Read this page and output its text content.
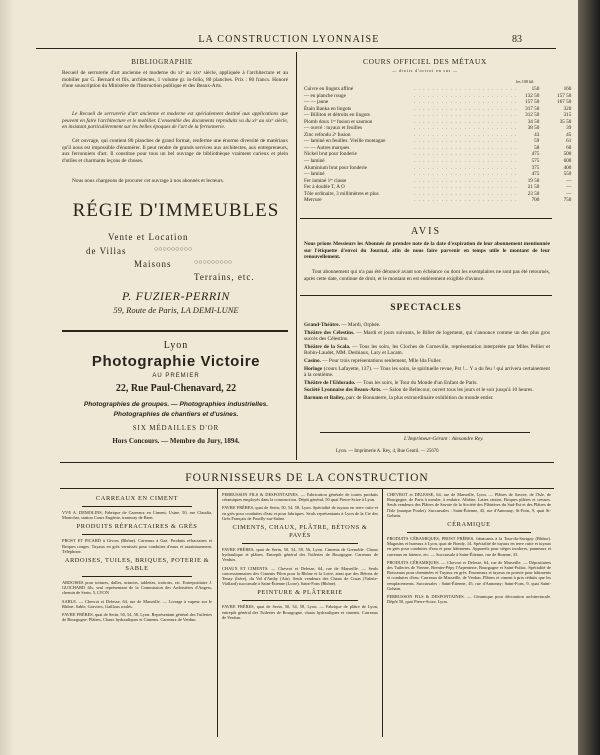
LA CONSTRUCTION LYONNAISE	83
BIBLIOGRAPHIE
Recueil de serrurerie d'art ancienne et moderne du xiᵉ au xixᵉ siècle, appliquée à l'architecture et au mobilier par G. Bernard et fils, architectes, 1 volume gr. in-folio, 80 planches. Prix : 80 francs. Honoré d'une souscription du Ministère de l'Instruction publique et des Beaux-Arts.
Le Recueil de serrurerie d'art ancienne et moderne est spécialement destiné aux applications que peuvent en faire l'architecture et le mobilier. L'ensemble des documents reproduits va du xiᵉ au xixᵉ siècle, en insistant particulièrement sur les belles époques de l'art de la ferronnerie.
Cet ouvrage, qui contient 80 planches de grand format, renferme une énorme diversité de matériaux qu'il nous est impossible d'énumérer. Il peut rendre de grands services aux architectes, aux entrepreneurs, aux ferronniers d'art. Il constitue pour tous un bel ouvrage de bibliothèque vraiment curieux et plein d'utiles et charmants leçons de choses.
Nous nous chargeons de procurer cet ouvrage à nos abonnés et lecteurs.
RÉGIE D'IMMEUBLES
Vente et Location
de Villas	○○○○○○○○○
Maisons	○○○○○○○○○
Terrains, etc.
P. FUZIER-PERRIN
59, Route de Paris, LA DEMI-LUNE
Lyon
Photographie Victoire
AU PREMIER
22, Rue Paul-Chenavard, 22
Photographies de groupes. — Photographies industrielles.
Photographies de chantiers et d'usines.
SIX MÉDAILLES D'OR
Hors Concours. — Membre du Jury, 1894.
COURS OFFICIEL DES MÉTAUX
— droits d'octroi en sus —
les 100 kil.
Cuivre en lingots affiné	. . . . . . . . . . . . . . . . . . . . . . .	150	160
— en planche rouge	. . . . . . . . . . . . . . . . . . . . . . .	132 50	157 50
— — jaune	. . . . . . . . . . . . . . . . . . . . . . .	157 50	167 50
Étain Banka en lingots	. . . . . . . . . . . . . . . . . . . . . . .	317 50	320
— Billiton et détroits en lingots	. . . . . . . . . . . . . . . . . . . . . . .	312 50	315
Plomb doux 1ʳᵉ fusion et saumon	. . . . . . . . . . . . . . . . . . . . . . .	34 50	35 50
— ouvré : tuyaux et feuilles	. . . . . . . . . . . . . . . . . . . . . . .	38 50	39
Zinc refondu 2ᵉ fusion	. . . . . . . . . . . . . . . . . . . . . . .	43	45
— laminé en feuilles. Vieille montagne	. . . . . . . . . . . . . . . . . . . . . . .	59	61
— — Autres marques	. . . . . . . . . . . . . . . . . . . . . . .	58	60
Nickel brut pour fonderie	. . . . . . . . . . . . . . . . . . . . . . .	475	500
— laminé	. . . . . . . . . . . . . . . . . . . . . . .	575	600
Aluminium brut pour fonderie	. . . . . . . . . . . . . . . . . . . . . . .	375	400
— laminé	. . . . . . . . . . . . . . . . . . . . . . .	475	550
Fer laminé 1ʳᵉ classe	. . . . . . . . . . . . . . . . . . . . . . .	19 50	—
Fer à double T, A O	. . . . . . . . . . . . . . . . . . . . . . .	21 50	—
Tôle ordinaire, 3 millimètres et plus	. . . . . . . . . . . . . . . . . . . . . . .	23 50	—
Mercure	. . . . . . . . . . . . . . . . . . . . . . .	700	750
AVIS
Nous prions Messieurs les Abonnés de prendre note de la date d'expiration de leur abonnement mentionnée sur l'étiquette d'envoi du Journal, afin de nous faire parvenir en temps utile le montant de leur renouvellement.
Tout abonnement qui n'a pas été dénoncé avant son échéance ou dont les exemplaires ne sont pas été retournés, après cette date, continue de droit, et le montant en est entièrement exigible d'avance.
SPECTACLES
Grand-Théâtre. — Mardi, Orphée.
Théâtre des Célestins. — Mardi et jours suivants, le Billet de logement, qui s'annonce comme un des plus gros succès des Célestins.
Théâtre de la Scala. — Tous les soirs, les Cloches de Corneville, représentation interprétée par Miles Pellier et Robin-Laudet, MM. Desbiaux, Lary et Lacam.
Casino. — Pour trois représentations seulement, Mlle Ida Fuller.
Horloge (cours Lafayette, 137). — Tous les soirs, le spirituelle revue, Pst !... Y a du feu ! qui arrivera certainement à la centième.
Théâtre de l'Eldorado. — Tous les soirs, le Tour du Monde d'un Enfant de Paris.
Société Lyonnaise des Beaux-Arts. — Salon de Bellecour, ouvert tous les jours et le soir jusqu'à 10 heures.
Barnum et Bailey, parc de Bonnaterre, la plus extraordinaire exhibition du monde entier.
L'Imprimeur-Gérant : Alexandre Rey.
Lyon. — Imprimerie A. Rey, 4, Rue Gentil. — 25670
FOURNISSEURS DE LA CONSTRUCTION
CARREAUX EN CIMENT
VVE A. DEMOLINS, Fabrique de Carreaux en Ciment, Usine, 50, rue Claudia, Montchat, station Cours Eugénie, tramway de Bron.
PRODUITS RÉFRACTAIRES & GRÈS
PROST ET PICARD à Givors (Rhône). Carreaux à Gaz. Produits réfractaires et Briques rouges. Tuyaux en grès vernissés pour conduites d'eaux et assainissement. Téléphone.
ARDOISES, TUILES, BRIQUES, POTERIE & SABLE
ARDOISES pour toitures, dalles, urinoirs, tablettes, trottoirs, etc. Entrepositaire J. GUICHARD fils, seul représentant de la Commission des Ardoisières d'Angers, chemin de Serin, 5, LYON
SABLE. — Chevrot et Delesse, 64, rue de Marseille. — Livrage à vapeur sur le Rhône. Sable, Graviers, Gaillous roulés.
FAVRE FRÈRES, quai de Serin, 50, 54, 58, Lyon. Représentant général des Tuileries de Bourgogne. Plâtres, Chaux hydrauliques et Ciments. Carreaux de Verdun.
PERRUSSON FILS & DESFONTAINES. — Fabrication générale de toutes produits céramiques employés dans la construction. Dépôt général, 50 quai Pierre-Scize à Lyon.
FAVRE FRÈRES, quai de Serin, 50, 54, 58, Lyon. Spécialité de tuyaux en terre cuite et en grès pour conduites d'eau et pour fabriques. Seuls représentants à Lyon de la Cie des Grès Français de Pouilly-sur-Saône.
CIMENTS, CHAUX, PLÂTRE, BÉTONS & PAVÉS
FAVRE FRÈRES, quai de Serin, 50, 54, 58, 56, Lyon. Ciments de Grenoble. Chaux hydraulique et plâtres. Entrepôt général des Tuileries de Bourgogne. Carreaux de Verdun.
CHAUX ET CIMENTS. — Chevrot et Delesse, 64, rue de Marseille. — Seuls concessionnaires des Ciments Pilon pour la Rhône et la Loire, ainsi que des Bétons de Tenay (Isère), du Val d'Amby (Ain). Seuls vendeurs des Chaux de Cruas (Valette-Viallard) succursale à Saint-Étienne (Loire), Saint-Fons (Rhône).
PEINTURE & PLÂTRERIE
FAVRE FRÈRES, quai de Serin, 50, 54, 58, Lyon. — Fabrique de plâtre de Lyon, entrepôt général des Tuileries de Bourgogne, chaux hydrauliques et ciments. Carreaux de Verdun.
CHEVROT et DELESSE, 64, rue de Marseille, Lyon. — Plâtres de Savoie, de l'Isle, de Bourgogne, de Paris à mouler, à enduire. Albâtre, Lattes raisins. Briques plâtres et creuses. Seuls vendeurs des Plâtres de Savoie de la Société des Plâtrières du Sud-Est et des Plâtres de l'Isle (marque Poulet). Succursales : Saint-Étienne, 45, rue d'Annonay; St-Fons, 9, quai St-Gobain.
CÉRAMIQUE
PRODUITS CÉRAMIQUES, PROST FRÈRES, fabricants à la Tour-du-Savigny (Rhône). Magasins et bureaux à Lyon, quai de Bondy, 14. Spécialité de tuyaux en terre cuite et tuyaux en grès pour conduites d'eau et pour bâtiments. Appareils pour sièges inodores, panneaux et carreaux en faïence, etc. — Succursale à Saint-Étienne, rue de Roanne, 33.
PRODUITS CÉRAMIQUES. — Chevrot et Delesse, 64, rue de Marseille. — Dépositaires des Tuileries de Vienne, Brenier-Pépy l'Arpenterie, Bourgogne et Saint-Fuliac. Spécialité de Boisseaux pour cheminées et Tuyaux en grès. Fourneaux et tuyaux en poterie pour bâtiments et conduites d'eau. Carreaux de Marseille, de Verdun. Plâtres et ciment à prix réduits que les remplacements. Succursales : Saint-Étienne, 45, rue d'Annonay; Saint-Fons, 9, quai Saint-Gobain.
PERRUSSON FILS & DESFONTAINES. — Céramique pour décoration architecturale. Dépôt 50, quai Pierre-Scize, Lyon.
